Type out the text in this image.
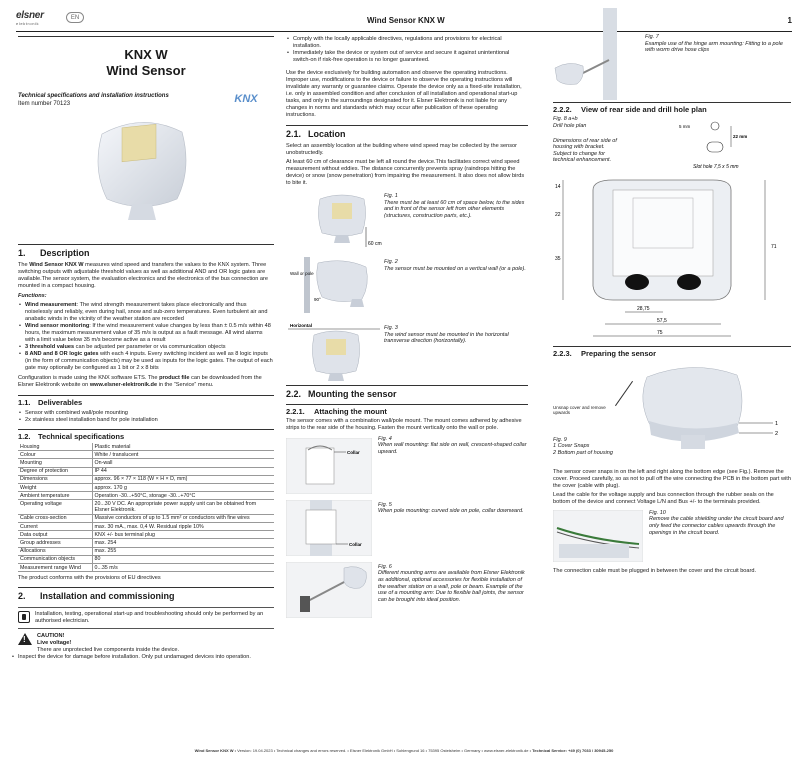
elsner
elektronik
EN	Wind Sensor KNX W	1
KNX W
Wind Sensor
Technical specifications and installation instructions
Item number 70123	KNX
1. Description

The Wind Sensor KNX W measures wind speed and transfers the values to the KNX system. Three switching outputs with adjustable threshold values as well as additional AND and OR logic gates are available.The sensor system, the evaluation electronics and the electronics of the bus connection are mounted in a compact housing.

Functions:

• Wind measurement: The wind strength measurement takes place electronically and thus noiselessly and reliably, even during hail, snow and sub-zero temperatures. Even turbulent air and anabatic winds in the vicinity of the weather station are recorded
• Wind sensor monitoring: If the wind measurement value changes by less than ± 0.5 m/s within 48 hours, the maximum measurement value of 35 m/s is output as a fault message. All wind alarms with a limit value below 35 m/s become active as a result
• 3 threshold values can be adjusted per parameter or via communication objects
• 8 AND and 8 OR logic gates with each 4 inputs. Every switching incident as well as 8 logic inputs (in the form of communication objects) may be used as inputs for the logic gates. The output of each gate may optionally be configured as 1 bit or 2 x 8 bits

Configuration is made using the KNX software ETS. The product file can be downloaded from the Elsner Elektronik website on www.elsner-elektronik.de in the “Service” menu.

1.1. Deliverables
• Sensor with combined wall/pole mounting
• 2x stainless steel installation band for pole installation
1.2. Technical specifications
Housing	Plastic material
Colour	White / translucent
Mounting	On-wall
Degree of protection	IP 44
Dimensions	approx. 96 × 77 × 118 (W × H × D, mm)
Weight	approx. 170 g
Ambient temperature	Operation -30...+50°C, storage -30...+70°C
Operating voltage	20...30 V DC. An appropriate power supply unit can be obtained from Elsner Elektronik.
Cable cross-section	Massive conductors of up to 1.5 mm² or conductors with fine wires
Current	max. 30 mA., max. 0,4 W. Residual ripple 10%
Data output	KNX +/- bus terminal plug
Group addresses	max. 254
Allocations	max. 255
Communication objects	80
Measurement range Wind	0...35 m/s

The product conforms with the provisions of EU directives

2. Installation and commissioning

Installation, testing, operational start-up and troubleshooting should only be performed by an authorised electrician.

! CAUTION!

Live voltage!

There are unprotected live components inside the device.

• Inspect the device for damage before installation. Only put undamaged devices into operation.
• Comply with the locally applicable directives, regulations and provisions for electrical installation.
• Immediately take the device or system out of service and secure it against unintentional switch-on if risk-free operation is no longer guaranteed.

Use the device exclusively for building automation and observe the operating instructions. Improper use, modifications to the device or failure to observe the operating instructions will invalidate any warranty or guarantee claims. Operate the device only as a fixed-site installation, i.e. only in assembled condition and after conclusion of all installation and operational start-up tasks, and only in the surroundings designated for it. Elsner Elektronik is not liable for any changes in norms and standards which may occur after publication of these operating instructions.

2.1. Location

Select an assembly location at the building where wind speed may be collected by the sensor unobstructedly.

At least 60 cm of clearance must be left all round the device.This facilitates correct wind speed measurement without eddies. The distance concurrently prevents spray (raindrops hitting the device) or snow (snow penetration) from impairing the measurement. It also does not allow birds to bite it.

60 cm
Fig. 1
There must be at least 60 cm of space below, to the sides and in front of the sensor left from other elements (structures, construction parts, etc.).
Wall or pole
90°
Fig. 2
The sensor must be mounted on a vertical wall (or a pole).
Horizontal	Fig. 3
The wind sensor must be mounted in the horizontal transverse direction (horizontally).
2.2. Mounting the sensor
2.2.1. Attaching the mount

The sensor comes with a combination wall/pole mount. The mount comes adhered by adhesive strips to the rear side of the housing. Fasten the mount vertically onto the wall or pole.

Collar
Fig. 4
When wall mounting: flat side on wall, crescent-shaped collar upward.
Collar
Fig. 5
When pole mounting: curved side on pole, collar downward.
Fig. 6
Different mounting arms are available from Elsner Elektronik as additional, optional accessories for flexible installation of the weather station on a wall, pole or beam. Example of the use of a mounting arm: Due to flexible ball joints, the sensor can be brought into ideal position.
Fig. 7
Example use of the hinge arm mounting: Fitting to a pole with worm drive hose clips
2.2.2. View of rear side and drill hole plan
Fig. 8 a+b
Drill hole plan
Dimensions of rear side of housing with bracket. Subject to change for technical enhancement.
5 mm
22 mm
Slot hole 7,5 x 5 mm
14
22
35
71
28,75
57,5
75
2.2.3. Preparing the sensor
1
2
Unsnap cover and remove upwards
Fig. 9
1 Cover Snaps
2 Bottom part of housing

The sensor cover snaps in on the left and right along the bottom edge (see Fig.). Remove the cover. Proceed carefully, so as not to pull off the wire connecting the PCB in the bottom part with the cover (cable with plug).

Lead the cable for the voltage supply and bus connection through the rubber seals on the bottom of the device and connect Voltage L/N and Bus +/- to the terminals provided.

Fig. 10
Remove the cable shielding under the circuit board and only feed the connector cables upwards through the openings in the circuit board.

The connection cable must be plugged in between the cover and the circuit board.

Wind Sensor KNX W • Version: 19.04.2023 • Technical changes and errors reserved. • Elsner Elektronik GmbH • Sohlengrund 16 • 75395 Ostelsheim • Germany • www.elsner-elektronik.de • Technical Service: +49 (0) 7033 / 30945-250
